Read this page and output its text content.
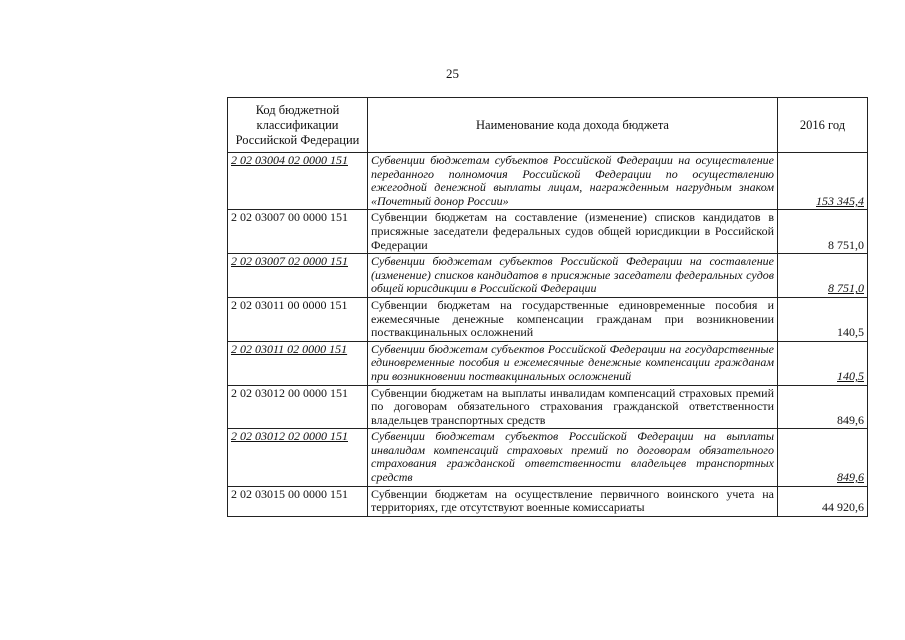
25
Код бюджетной классификации Российской Федерации	Наименование кода дохода бюджета	2016 год
2 02 03004 02 0000 151	Субвенции бюджетам субъектов Российской Федерации на осуществление переданного полномочия Российской Федерации по осуществлению ежегодной денежной выплаты лицам, награжденным нагрудным знаком «Почетный донор России»	153 345,4
2 02 03007 00 0000 151	Субвенции бюджетам на составление (изменение) списков кандидатов в присяжные заседатели федеральных судов общей юрисдикции в Российской Федерации	8 751,0
2 02 03007 02 0000 151	Субвенции бюджетам субъектов Российской Федерации на составление (изменение) списков кандидатов в присяжные заседатели федеральных судов общей юрисдикции в Российской Федерации	8 751,0
2 02 03011 00 0000 151	Субвенции бюджетам на государственные единовременные пособия и ежемесячные денежные компенсации гражданам при возникновении поствакцинальных осложнений	140,5
2 02 03011 02 0000 151	Субвенции бюджетам субъектов Российской Федерации на государственные единовременные пособия и ежемесячные денежные компенсации гражданам при возникновении поствакцинальных осложнений	140,5
2 02 03012 00 0000 151	Субвенции бюджетам на выплаты инвалидам компенсаций страховых премий по договорам обязательного страхования гражданской ответственности владельцев транспортных средств	849,6
2 02 03012 02 0000 151	Субвенции бюджетам субъектов Российской Федерации на выплаты инвалидам компенсаций страховых премий по договорам обязательного страхования гражданской ответственности владельцев транспортных средств	849,6
2 02 03015 00 0000 151	Субвенции бюджетам на осуществление первичного воинского учета на территориях, где отсутствуют военные комиссариаты	44 920,6
